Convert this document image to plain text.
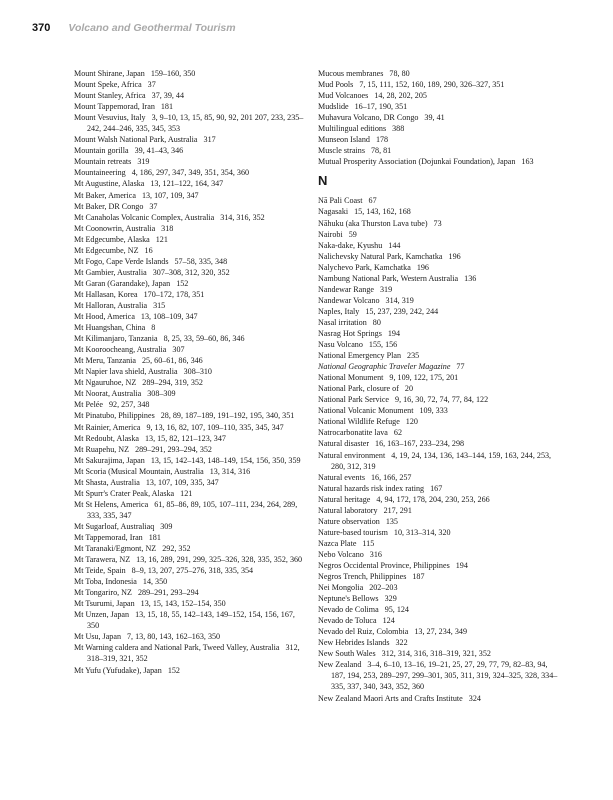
370 Volcano and Geothermal Tourism
Mount Shirane, Japan 159–160, 350
Mount Speke, Africa 37
Mount Stanley, Africa 37, 39, 44
Mount Tappemorad, Iran 181
Mount Vesuvius, Italy 3, 9–10, 13, 15, 85, 90, 92, 201 207, 233, 235–242, 244–246, 335, 345, 353
Mount Walsh National Park, Australia 317
Mountain gorilla 39, 41–43, 346
Mountain retreats 319
Mountaineering 4, 186, 297, 347, 349, 351, 354, 360
Mt Augustine, Alaska 13, 121–122, 164, 347
Mt Baker, America 13, 107, 109, 347
Mt Baker, DR Congo 37
Mt Canaholas Volcanic Complex, Australia 314, 316, 352
Mt Coonowrin, Australia 318
Mt Edgecumbe, Alaska 121
Mt Edgecumbe, NZ 16
Mt Fogo, Cape Verde Islands 57–58, 335, 348
Mt Gambier, Australia 307–308, 312, 320, 352
Mt Garan (Garandake), Japan 152
Mt Hallasan, Korea 170–172, 178, 351
Mt Halloran, Australia 315
Mt Hood, America 13, 108–109, 347
Mt Huangshan, China 8
Mt Kilimanjaro, Tanzania 8, 25, 33, 59–60, 86, 346
Mt Kooroocheang, Australia 307
Mt Meru, Tanzania 25, 60–61, 86, 346
Mt Napier lava shield, Australia 308–310
Mt Ngauruhoe, NZ 289–294, 319, 352
Mt Noorat, Australia 308–309
Mt Pelée 92, 257, 348
Mt Pinatubo, Philippines 28, 89, 187–189, 191–192, 195, 340, 351
Mt Rainier, America 9, 13, 16, 82, 107, 109–110, 335, 345, 347
Mt Redoubt, Alaska 13, 15, 82, 121–123, 347
Mt Ruapehu, NZ 289–291, 293–294, 352
Mt Sakurajima, Japan 13, 15, 142–143, 148–149, 154, 156, 350, 359
Mt Scoria (Musical Mountain, Australia 13, 314, 316
Mt Shasta, Australia 13, 107, 109, 335, 347
Mt Spurr's Crater Peak, Alaska 121
Mt St Helens, America 61, 85–86, 89, 105, 107–111, 234, 264, 289, 333, 335, 347
Mt Sugarloaf, Australiaq 309
Mt Tappemorad, Iran 181
Mt Taranaki/Egmont, NZ 292, 352
Mt Tarawera, NZ 13, 16, 289, 291, 299, 325–326, 328, 335, 352, 360
Mt Teide, Spain 8–9, 13, 207, 275–276, 318, 335, 354
Mt Toba, Indonesia 14, 350
Mt Tongariro, NZ 289–291, 293–294
Mt Tsurumi, Japan 13, 15, 143, 152–154, 350
Mt Unzen, Japan 13, 15, 18, 55, 142–143, 149–152, 154, 156, 167, 350
Mt Usu, Japan 7, 13, 80, 143, 162–163, 350
Mt Warning caldera and National Park, Tweed Valley, Australia 312, 318–319, 321, 352
Mt Yufu (Yufudake), Japan 152
Mucous membranes 78, 80
Mud Pools 7, 15, 111, 152, 160, 189, 290, 326–327, 351
Mud Volcanoes 14, 28, 202, 205
Mudslide 16–17, 190, 351
Muhavura Volcano, DR Congo 39, 41
Multilingual editions 388
Munseon Island 178
Muscle strains 78, 81
Mutual Prosperity Association (Dojunkai Foundation), Japan 163
N
Nā Pali Coast 67
Nagasaki 15, 143, 162, 168
Nāhuku (aka Thurston Lava tube) 73
Nairobi 59
Naka-dake, Kyushu 144
Nalichevsky Natural Park, Kamchatka 196
Nalychevo Park, Kamchatka 196
Nambung National Park, Western Australia 136
Nandewar Range 319
Nandewar Volcano 314, 319
Naples, Italy 15, 237, 239, 242, 244
Nasal irritation 80
Nasrag Hot Springs 194
Nasu Volcano 155, 156
National Emergency Plan 235
National Geographic Traveler Magazine 77
National Monument 9, 109, 122, 175, 201
National Park, closure of 20
National Park Service 9, 16, 30, 72, 74, 77, 84, 122
National Volcanic Monument 109, 333
National Wildlife Refuge 120
Natrocarbonatite lava 62
Natural disaster 16, 163–167, 233–234, 298
Natural environment 4, 19, 24, 134, 136, 143–144, 159, 163, 244, 253, 280, 312, 319
Natural events 16, 166, 257
Natural hazards risk index rating 167
Natural heritage 4, 94, 172, 178, 204, 230, 253, 266
Natural laboratory 217, 291
Nature observation 135
Nature-based tourism 10, 313–314, 320
Nazca Plate 115
Nebo Volcano 316
Negros Occidental Province, Philippines 194
Negros Trench, Philippines 187
Nei Mongolia 202–203
Neptune's Bellows 329
Nevado de Colima 95, 124
Nevado de Toluca 124
Nevado del Ruiz, Colombia 13, 27, 234, 349
New Hebrides Islands 322
New South Wales 312, 314, 316, 318–319, 321, 352
New Zealand 3–4, 6–10, 13–16, 19–21, 25, 27, 29, 77, 79, 82–83, 94, 187, 194, 253, 289–297, 299–301, 305, 311, 319, 324–325, 328, 334–335, 337, 340, 343, 352, 360
New Zealand Maori Arts and Crafts Institute 324
